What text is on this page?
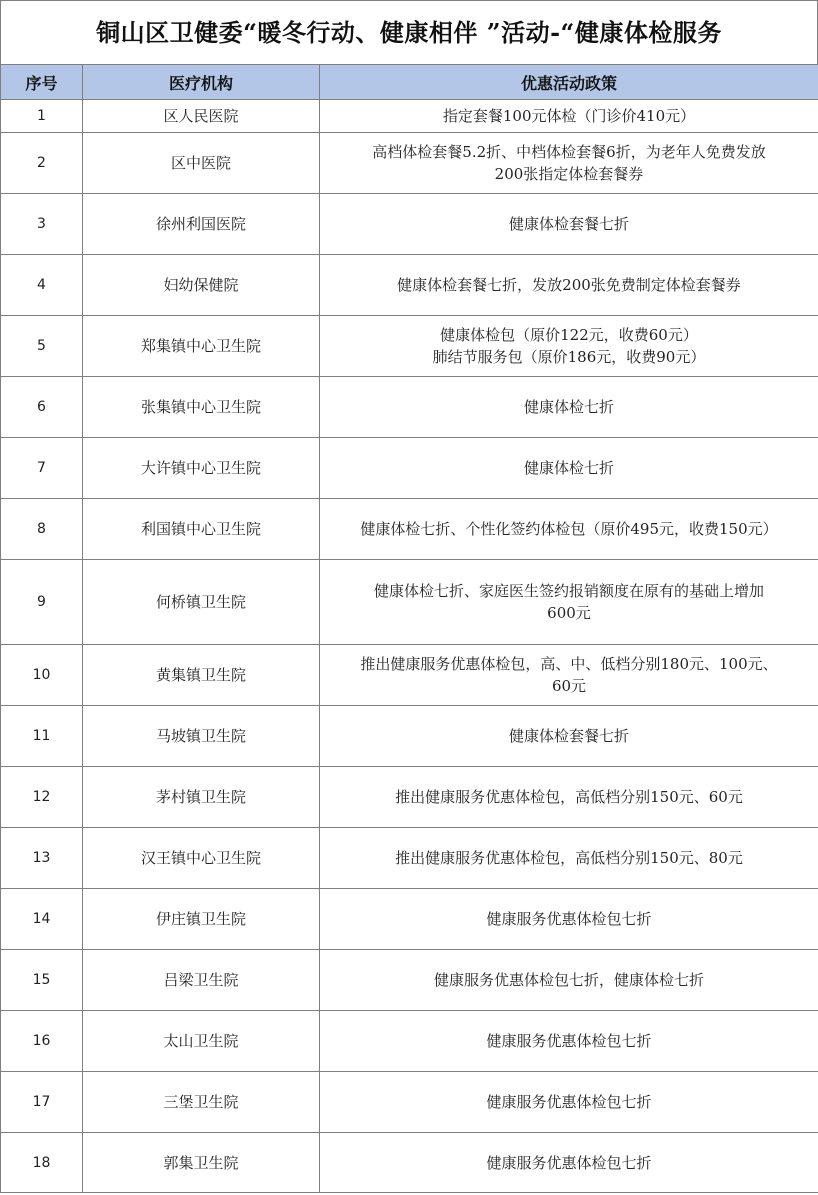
铜山区卫健委“暖冬行动、健康相伴 ”活动-“健康体检服务
序号	医疗机构	优惠活动政策
1	区人民医院	指定套餐100元体检（门诊价410元）
2	区中医院	高档体检套餐5.2折、中档体检套餐6折，为老年人免费发放
200张指定体检套餐券
3	徐州利国医院	健康体检套餐七折
4	妇幼保健院	健康体检套餐七折，发放200张免费制定体检套餐券
5	郑集镇中心卫生院	健康体检包（原价122元，收费60元）
肺结节服务包（原价186元，收费90元）
6	张集镇中心卫生院	健康体检七折
7	大许镇中心卫生院	健康体检七折
8	利国镇中心卫生院	健康体检七折、个性化签约体检包（原价495元，收费150元）
9	何桥镇卫生院	健康体检七折、家庭医生签约报销额度在原有的基础上增加
600元
10	黄集镇卫生院	推出健康服务优惠体检包，高、中、低档分别180元、100元、
60元
11	马坡镇卫生院	健康体检套餐七折
12	茅村镇卫生院	推出健康服务优惠体检包，高低档分别150元、60元
13	汉王镇中心卫生院	推出健康服务优惠体检包，高低档分别150元、80元
14	伊庄镇卫生院	健康服务优惠体检包七折
15	吕梁卫生院	健康服务优惠体检包七折，健康体检七折
16	太山卫生院	健康服务优惠体检包七折
17	三堡卫生院	健康服务优惠体检包七折
18	郭集卫生院	健康服务优惠体检包七折
